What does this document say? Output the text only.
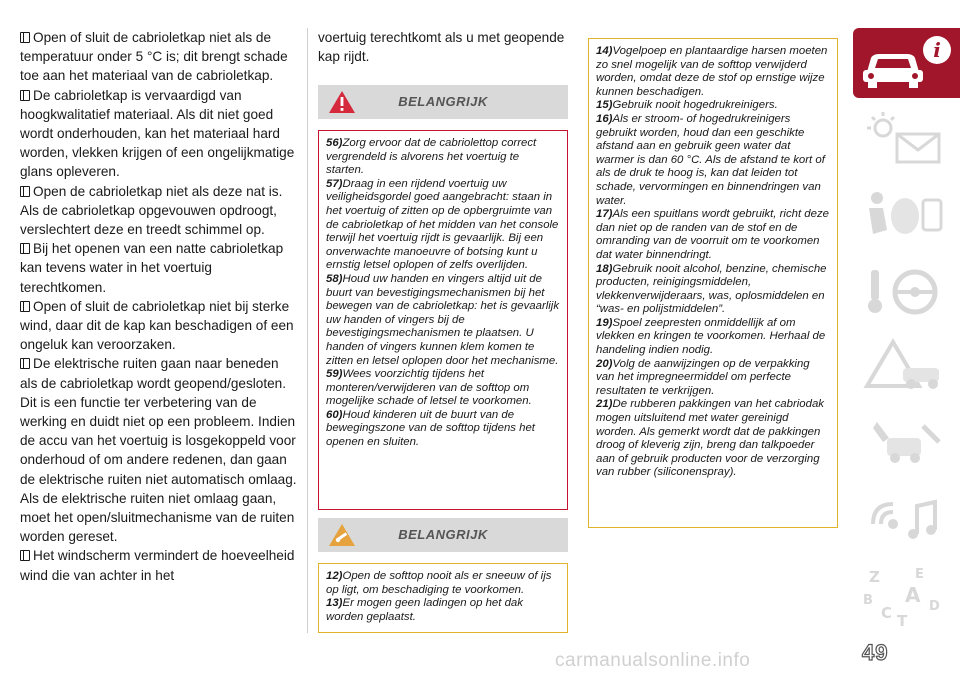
Open of sluit de cabrioletkap niet als de temperatuur onder 5 °C is; dit brengt schade toe aan het materiaal van de cabrioletkap.

De cabrioletkap is vervaardigd van hoogkwalitatief materiaal. Als dit niet goed wordt onderhouden, kan het materiaal hard worden, vlekken krijgen of een ongelijkmatige glans opleveren.

Open de cabrioletkap niet als deze nat is. Als de cabrioletkap opgevouwen opdroogt, verslechtert deze en treedt schimmel op.

Bij het openen van een natte cabrioletkap kan tevens water in het voertuig terechtkomen.

Open of sluit de cabrioletkap niet bij sterke wind, daar dit de kap kan beschadigen of een ongeluk kan veroorzaken.

De elektrische ruiten gaan naar beneden als de cabrioletkap wordt geopend/gesloten. Dit is een functie ter verbetering van de werking en duidt niet op een probleem. Indien de accu van het voertuig is losgekoppeld voor onderhoud of om andere redenen, dan gaan de elektrische ruiten niet automatisch omlaag. Als de elektrische ruiten niet omlaag gaan, moet het open/sluitmechanisme van de ruiten worden gereset.

Het windscherm vermindert de hoeveelheid wind die van achter in het

voertuig terechtkomt als u met geopende kap rijdt.
BELANGRIJK

56)Zorg ervoor dat de cabriolettop correct vergrendeld is alvorens het voertuig te starten.

57)Draag in een rijdend voertuig uw veiligheidsgordel goed aangebracht: staan in het voertuig of zitten op de opbergruimte van de cabrioletkap of het midden van het console terwijl het voertuig rijdt is gevaarlijk. Bij een onverwachte manoeuvre of botsing kunt u ernstig letsel oplopen of zelfs overlijden.

58)Houd uw handen en vingers altijd uit de buurt van bevestigingsmechanismen bij het bewegen van de cabrioletkap: het is gevaarlijk uw handen of vingers bij de bevestigingsmechanismen te plaatsen. U handen of vingers kunnen klem komen te zitten en letsel oplopen door het mechanisme.

59)Wees voorzichtig tijdens het monteren/verwijderen van de softtop om mogelijke schade of letsel te voorkomen.

60)Houd kinderen uit de buurt van de bewegingszone van de softtop tijdens het openen en sluiten.

BELANGRIJK

12)Open de softtop nooit als er sneeuw of ijs op ligt, om beschadiging te voorkomen.

13)Er mogen geen ladingen op het dak worden geplaatst.

14)Vogelpoep en plantaardige harsen moeten zo snel mogelijk van de softtop verwijderd worden, omdat deze de stof op ernstige wijze kunnen beschadigen.

15)Gebruik nooit hogedrukreinigers.

16)Als er stroom- of hogedrukreinigers gebruikt worden, houd dan een geschikte afstand aan en gebruik geen water dat warmer is dan 60 °C. Als de afstand te kort of als de druk te hoog is, kan dat leiden tot schade, vervormingen en binnendringen van water.

17)Als een spuitlans wordt gebruikt, richt deze dan niet op de randen van de stof en de omranding van de voorruit om te voorkomen dat water binnendringt.

18)Gebruik nooit alcohol, benzine, chemische producten, reinigingsmiddelen, vlekkenverwijderaars, was, oplosmiddelen en “was- en polijstmiddelen”.

19)Spoel zeepresten onmiddellijk af om vlekken en kringen te voorkomen. Herhaal de handeling indien nodig.

20)Volg de aanwijzingen op de verpakking van het impregneermiddel om perfecte resultaten te verkrijgen.

21)De rubberen pakkingen van het cabriodak mogen uitsluitend met water gereinigd worden. Als gemerkt wordt dat de pakkingen droog of kleverig zijn, breng dan talkpoeder aan of gebruik producten voor de verzorging van rubber (siliconenspray).

i
Z	E
B A
C	D
T
49
carmanualsonline.info
